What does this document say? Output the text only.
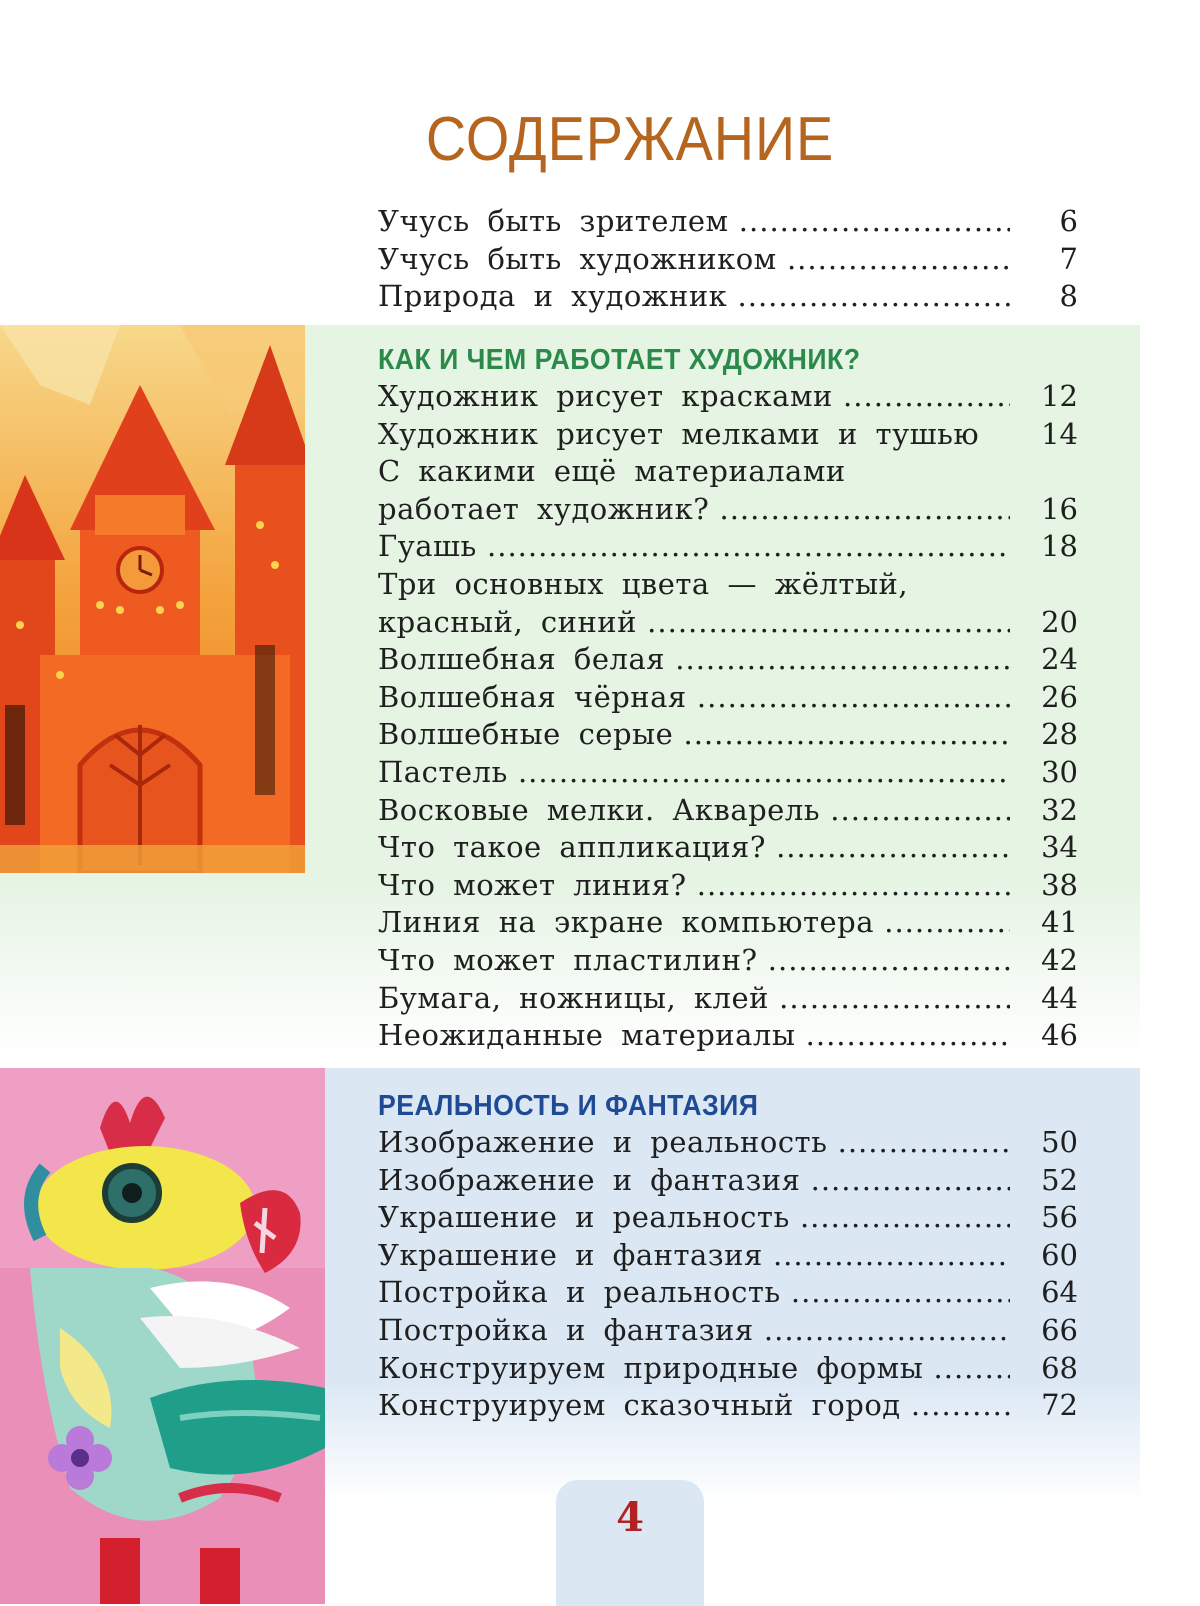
СОДЕРЖАНИЕ
Учусь быть зрителем .....	6
Учусь быть художником .....	7
Природа и художник .....	8
КАК И ЧЕМ РАБОТАЕТ ХУДОЖНИК?
Художник рисует красками .....	12
Художник рисует мелками и тушью	14
С какими ещё материалами
работает художник? .....	16
Гуашь .....	18
Три основных цвета — жёлтый,
красный, синий .....	20
Волшебная белая .....	24
Волшебная чёрная .....	26
Волшебные серые .....	28
Пастель .....	30
Восковые мелки. Акварель .....	32
Что такое аппликация? .....	34
Что может линия? .....	38
Линия на экране компьютера .....	41
Что может пластилин? .....	42
Бумага, ножницы, клей .....	44
Неожиданные материалы .....	46
РЕАЛЬНОСТЬ И ФАНТАЗИЯ
Изображение и реальность .....	50
Изображение и фантазия .....	52
Украшение и реальность .....	56
Украшение и фантазия .....	60
Постройка и реальность .....	64
Постройка и фантазия .....	66
Конструируем природные формы .....	68
Конструируем сказочный город .....	72
4
